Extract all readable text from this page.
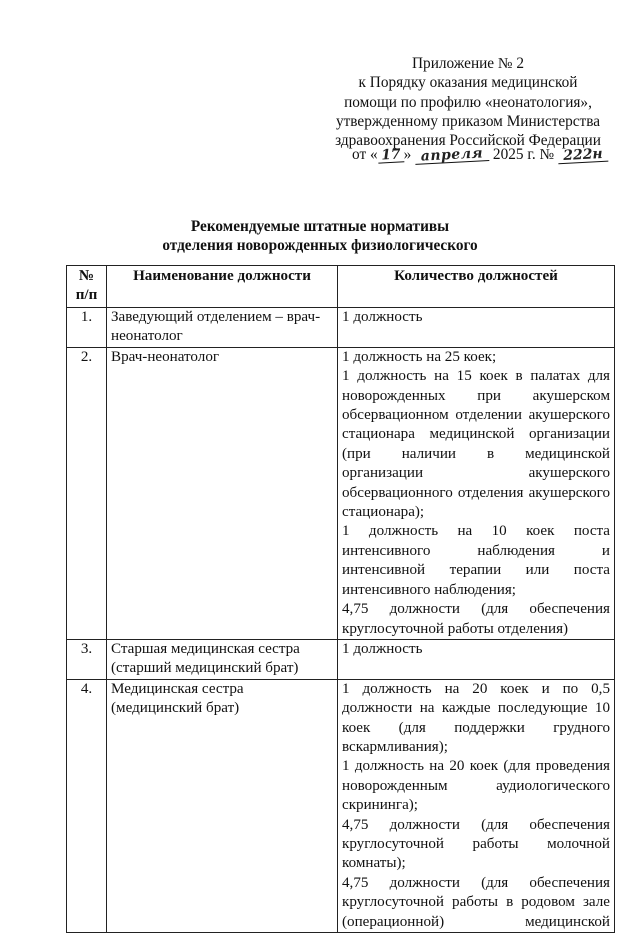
Приложение № 2
к Порядку оказания медицинской
помощи по профилю «неонатология»,
утвержденному приказом Министерства
здравоохранения Российской Федерации
от « 17 » апреля 2025 г. № 222н
Рекомендуемые штатные нормативы
отделения новорожденных физиологического
№ п/п	Наименование должности	Количество должностей
1.	Заведующий отделением – врач-неонатолог	1 должность

2.	Врач-неонатолог	1 должность на 25 коек;
1 должность на 15 коек в палатах для новорожденных при акушерском обсервационном отделении акушерского стационара медицинской организации (при наличии в медицинской организации акушерского обсервационного отделения акушерского стационара);
1 должность на 10 коек поста интенсивного наблюдения и интенсивной терапии или поста интенсивного наблюдения;
4,75 должности (для обеспечения круглосуточной работы отделения)

3.	Старшая медицинская сестра (старший медицинский брат)	1 должность

4.	Медицинская сестра (медицинский брат)	1 должность на 20 коек и по 0,5 должности на каждые последующие 10 коек (для поддержки грудного вскармливания);
1 должность на 20 коек (для проведения новорожденным аудиологического скрининга);
4,75 должности (для обеспечения круглосуточной работы молочной комнаты);
4,75 должности (для обеспечения круглосуточной работы в родовом зале (операционной) медицинской
